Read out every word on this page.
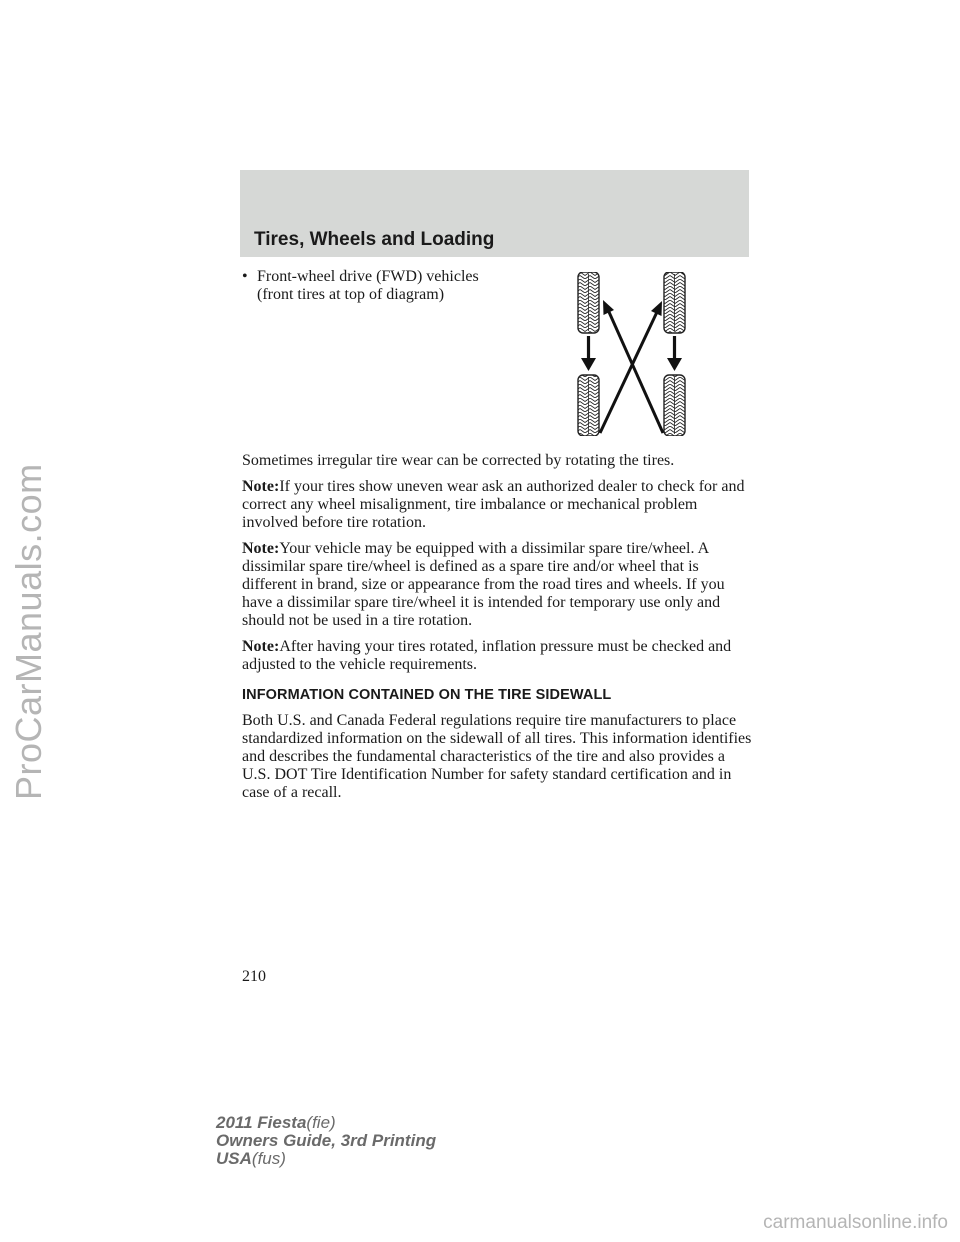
ProCarManuals.com
Tires, Wheels and Loading
• Front-wheel drive (FWD) vehicles
(front tires at top of diagram)

Sometimes irregular tire wear can be corrected by rotating the tires.

Note:If your tires show uneven wear ask an authorized dealer to check for and correct any wheel misalignment, tire imbalance or mechanical problem involved before tire rotation.

Note:Your vehicle may be equipped with a dissimilar spare tire/wheel. A dissimilar spare tire/wheel is defined as a spare tire and/or wheel that is different in brand, size or appearance from the road tires and wheels. If you have a dissimilar spare tire/wheel it is intended for temporary use only and should not be used in a tire rotation.

Note:After having your tires rotated, inflation pressure must be checked and adjusted to the vehicle requirements.

INFORMATION CONTAINED ON THE TIRE SIDEWALL

Both U.S. and Canada Federal regulations require tire manufacturers to place standardized information on the sidewall of all tires. This information identifies and describes the fundamental characteristics of the tire and also provides a U.S. DOT Tire Identification Number for safety standard certification and in case of a recall.

210
2011 Fiesta(fie)
Owners Guide, 3rd Printing
USA(fus)
carmanualsonline.info
